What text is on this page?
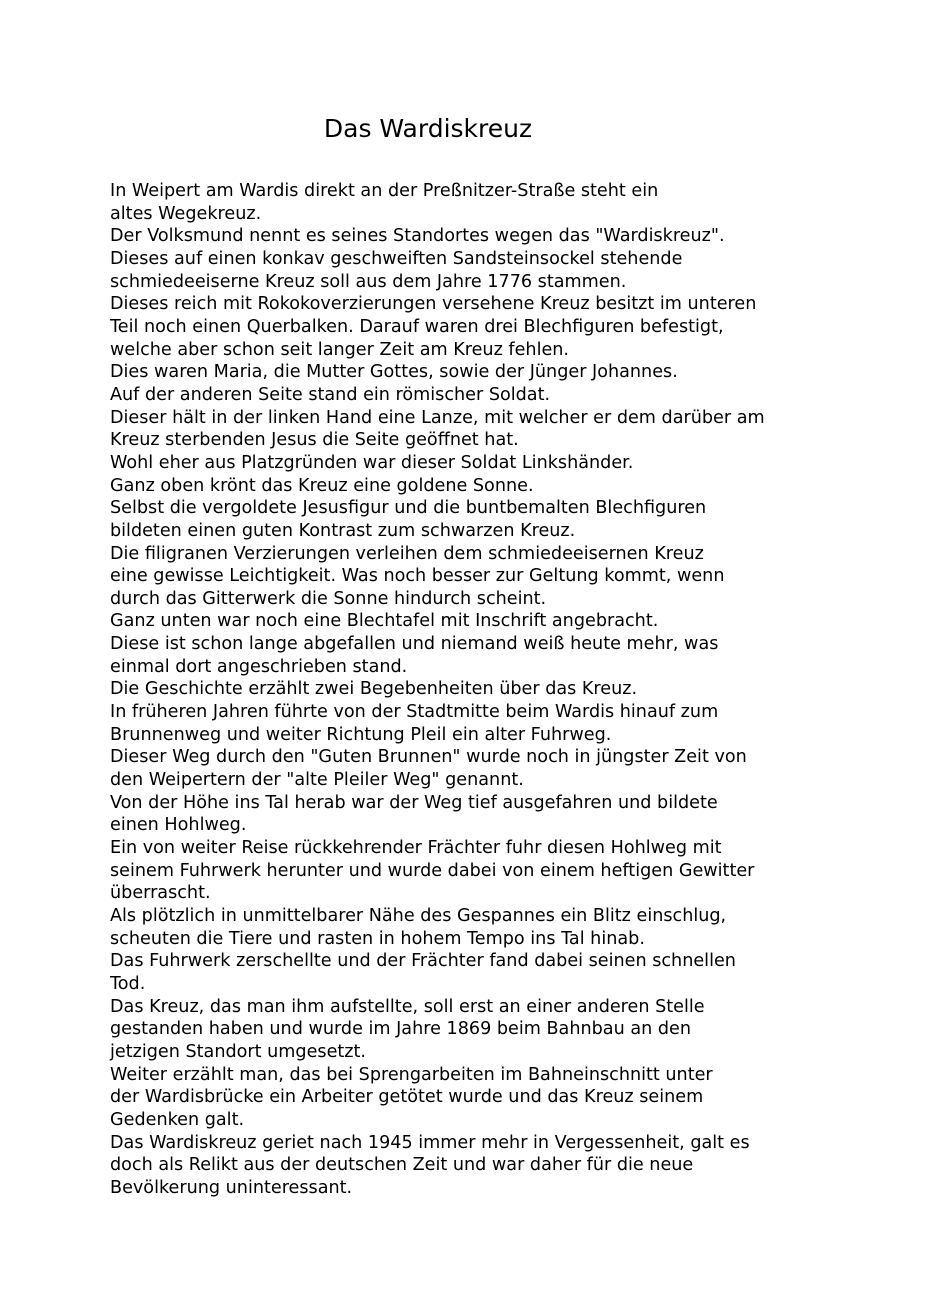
Das Wardiskreuz
In Weipert am Wardis direkt an der Preßnitzer-Straße steht ein
altes Wegekreuz.
Der Volksmund nennt es seines Standortes wegen das "Wardiskreuz".
Dieses auf einen konkav geschweiften Sandsteinsockel stehende
schmiedeeiserne Kreuz soll aus dem Jahre 1776 stammen.
Dieses reich mit Rokokoverzierungen versehene Kreuz besitzt im unteren
Teil noch einen Querbalken. Darauf waren drei Blechfiguren befestigt,
welche aber schon seit langer Zeit am Kreuz fehlen.
Dies waren Maria, die Mutter Gottes, sowie der Jünger Johannes.
Auf der anderen Seite stand ein römischer Soldat.
Dieser hält in der linken Hand eine Lanze, mit welcher er dem darüber am
Kreuz sterbenden Jesus die Seite geöffnet hat.
Wohl eher aus Platzgründen war dieser Soldat Linkshänder.
Ganz oben krönt das Kreuz eine goldene Sonne.
Selbst die vergoldete Jesusfigur und die buntbemalten Blechfiguren
bildeten einen guten Kontrast zum schwarzen Kreuz.
Die filigranen Verzierungen verleihen dem schmiedeeisernen Kreuz
eine gewisse Leichtigkeit. Was noch besser zur Geltung kommt, wenn
durch das Gitterwerk die Sonne hindurch scheint.
Ganz unten war noch eine Blechtafel mit Inschrift angebracht.
Diese ist schon lange abgefallen und niemand weiß heute mehr, was
einmal dort angeschrieben stand.
Die Geschichte erzählt zwei Begebenheiten über das Kreuz.
In früheren Jahren führte von der Stadtmitte beim Wardis hinauf zum
Brunnenweg und weiter Richtung Pleil ein alter Fuhrweg.
Dieser Weg durch den "Guten Brunnen" wurde noch in jüngster Zeit von
den Weipertern der "alte Pleiler Weg" genannt.
Von der Höhe ins Tal herab war der Weg tief ausgefahren und bildete
einen Hohlweg.
Ein von weiter Reise rückkehrender Frächter fuhr diesen Hohlweg mit
seinem Fuhrwerk herunter und wurde dabei von einem heftigen Gewitter
überrascht.
Als plötzlich in unmittelbarer Nähe des Gespannes ein Blitz einschlug,
scheuten die Tiere und rasten in hohem Tempo ins Tal hinab.
Das Fuhrwerk zerschellte und der Frächter fand dabei seinen schnellen
Tod.
Das Kreuz, das man ihm aufstellte, soll erst an einer anderen Stelle
gestanden haben und wurde im Jahre 1869 beim Bahnbau an den
jetzigen Standort umgesetzt.
Weiter erzählt man, das bei Sprengarbeiten im Bahneinschnitt unter
der Wardisbrücke ein Arbeiter getötet wurde und das Kreuz seinem
Gedenken galt.
Das Wardiskreuz geriet nach 1945 immer mehr in Vergessenheit, galt es
doch als Relikt aus der deutschen Zeit und war daher für die neue
Bevölkerung uninteressant.
